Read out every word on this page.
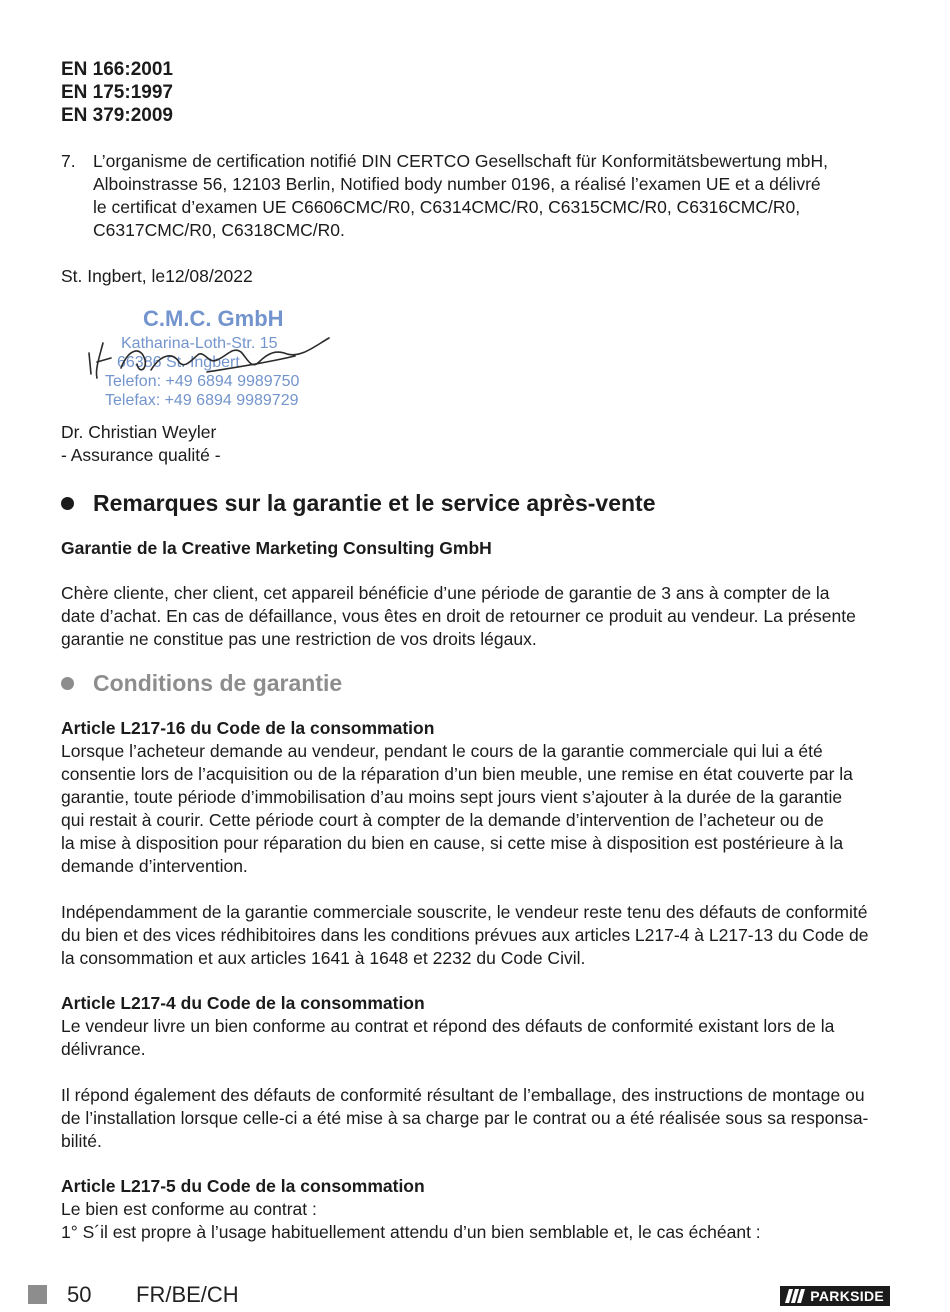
EN 166:2001
EN 175:1997
EN 379:2009
7. L’organisme de certification notifié DIN CERTCO Gesellschaft für Konformitätsbewertung mbH,
Alboinstrasse 56, 12103 Berlin, Notified body number 0196, a réalisé l’examen UE et a délivré
le certificat d’examen UE C6606CMC/R0, C6314CMC/R0, C6315CMC/R0, C6316CMC/R0,
C6317CMC/R0, C6318CMC/R0.
St. Ingbert, le12/08/2022
C.M.C. GmbH
Katharina-Loth-Str. 15
66386 St. Ingbert
Telefon: +49 6894 9989750
Telefax: +49 6894 9989729
Dr. Christian Weyler
- Assurance qualité -
Remarques sur la garantie et le service après-vente
Garantie de la Creative Marketing Consulting GmbH
Chère cliente, cher client, cet appareil bénéficie d’une période de garantie de 3 ans à compter de la
date d’achat. En cas de défaillance, vous êtes en droit de retourner ce produit au vendeur. La présente
garantie ne constitue pas une restriction de vos droits légaux.
Conditions de garantie
Article L217-16 du Code de la consommation
Lorsque l’acheteur demande au vendeur, pendant le cours de la garantie commerciale qui lui a été
consentie lors de l’acquisition ou de la réparation d’un bien meuble, une remise en état couverte par la
garantie, toute période d’immobilisation d’au moins sept jours vient s’ajouter à la durée de la garantie
qui restait à courir. Cette période court à compter de la demande d’intervention de l’acheteur ou de
la mise à disposition pour réparation du bien en cause, si cette mise à disposition est postérieure à la
demande d’intervention.
Indépendamment de la garantie commerciale souscrite, le vendeur reste tenu des défauts de conformité
du bien et des vices rédhibitoires dans les conditions prévues aux articles L217-4 à L217-13 du Code de
la consommation et aux articles 1641 à 1648 et 2232 du Code Civil.
Article L217-4 du Code de la consommation
Le vendeur livre un bien conforme au contrat et répond des défauts de conformité existant lors de la
délivrance.
Il répond également des défauts de conformité résultant de l’emballage, des instructions de montage ou
de l’installation lorsque celle-ci a été mise à sa charge par le contrat ou a été réalisée sous sa responsa-
bilité.
Article L217-5 du Code de la consommation
Le bien est conforme au contrat :
1° S´il est propre à l’usage habituellement attendu d’un bien semblable et, le cas échéant :
50 FR/BE/CH	PARKSIDE
